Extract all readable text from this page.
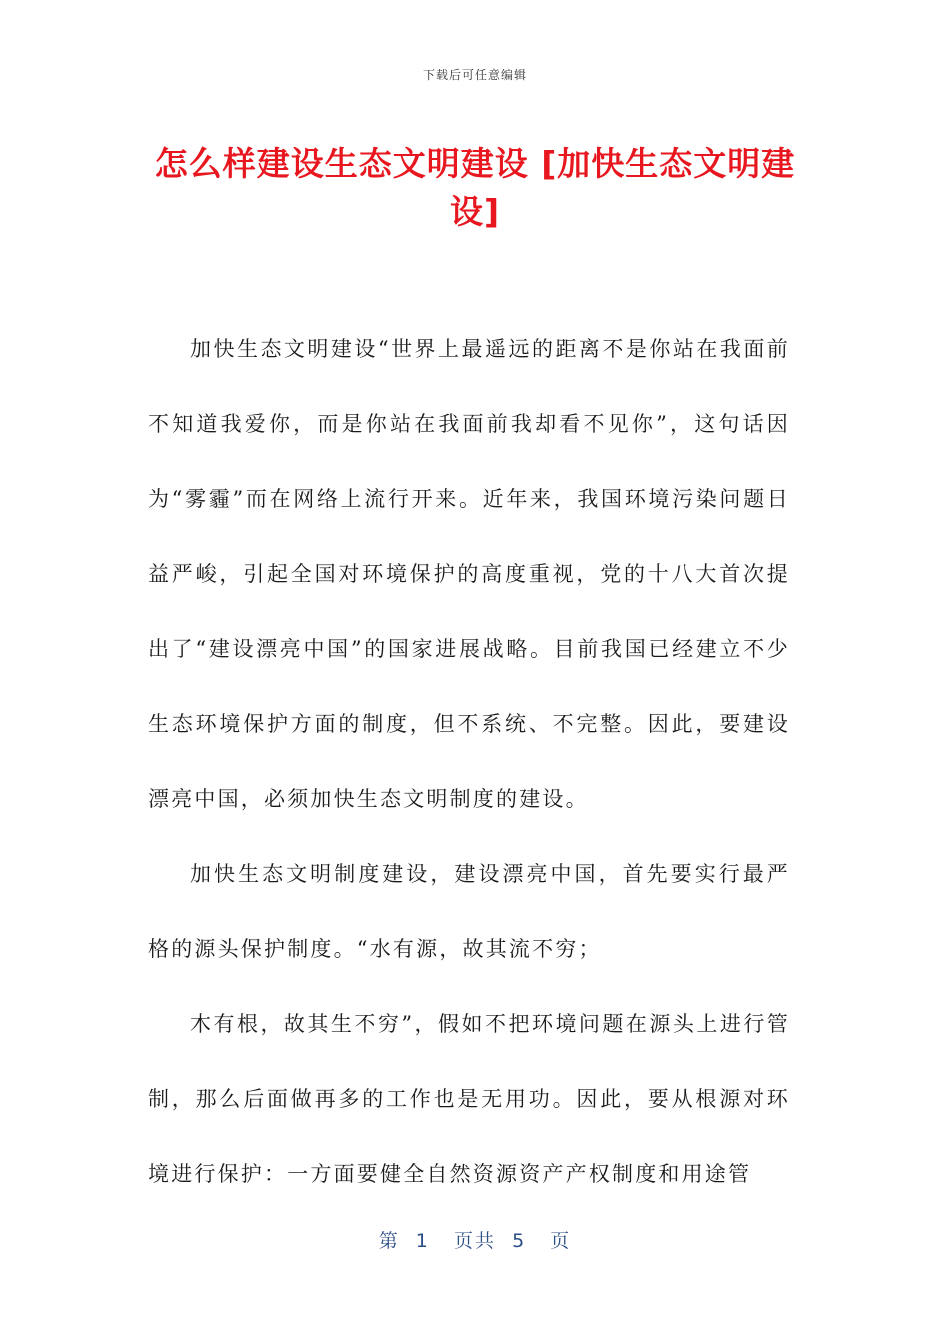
下载后可任意编辑
怎么样建设生态文明建设 [加快生态文明建设]

加快生态文明建设“世界上最遥远的距离不是你站在我面前不知道我爱你，而是你站在我面前我却看不见你”，这句话因为“雾霾”而在网络上流行开来。近年来，我国环境污染问题日益严峻，引起全国对环境保护的高度重视，党的十八大首次提出了“建设漂亮中国”的国家进展战略。目前我国已经建立不少生态环境保护方面的制度，但不系统、不完整。因此，要建设漂亮中国，必须加快生态文明制度的建设。

加快生态文明制度建设，建设漂亮中国，首先要实行最严格的源头保护制度。“水有源，故其流不穷；

木有根，故其生不穷”，假如不把环境问题在源头上进行管制，那么后面做再多的工作也是无用功。因此，要从根源对环境进行保护：一方面要健全自然资源资产产权制度和用途管

第  1   页共  5   页
